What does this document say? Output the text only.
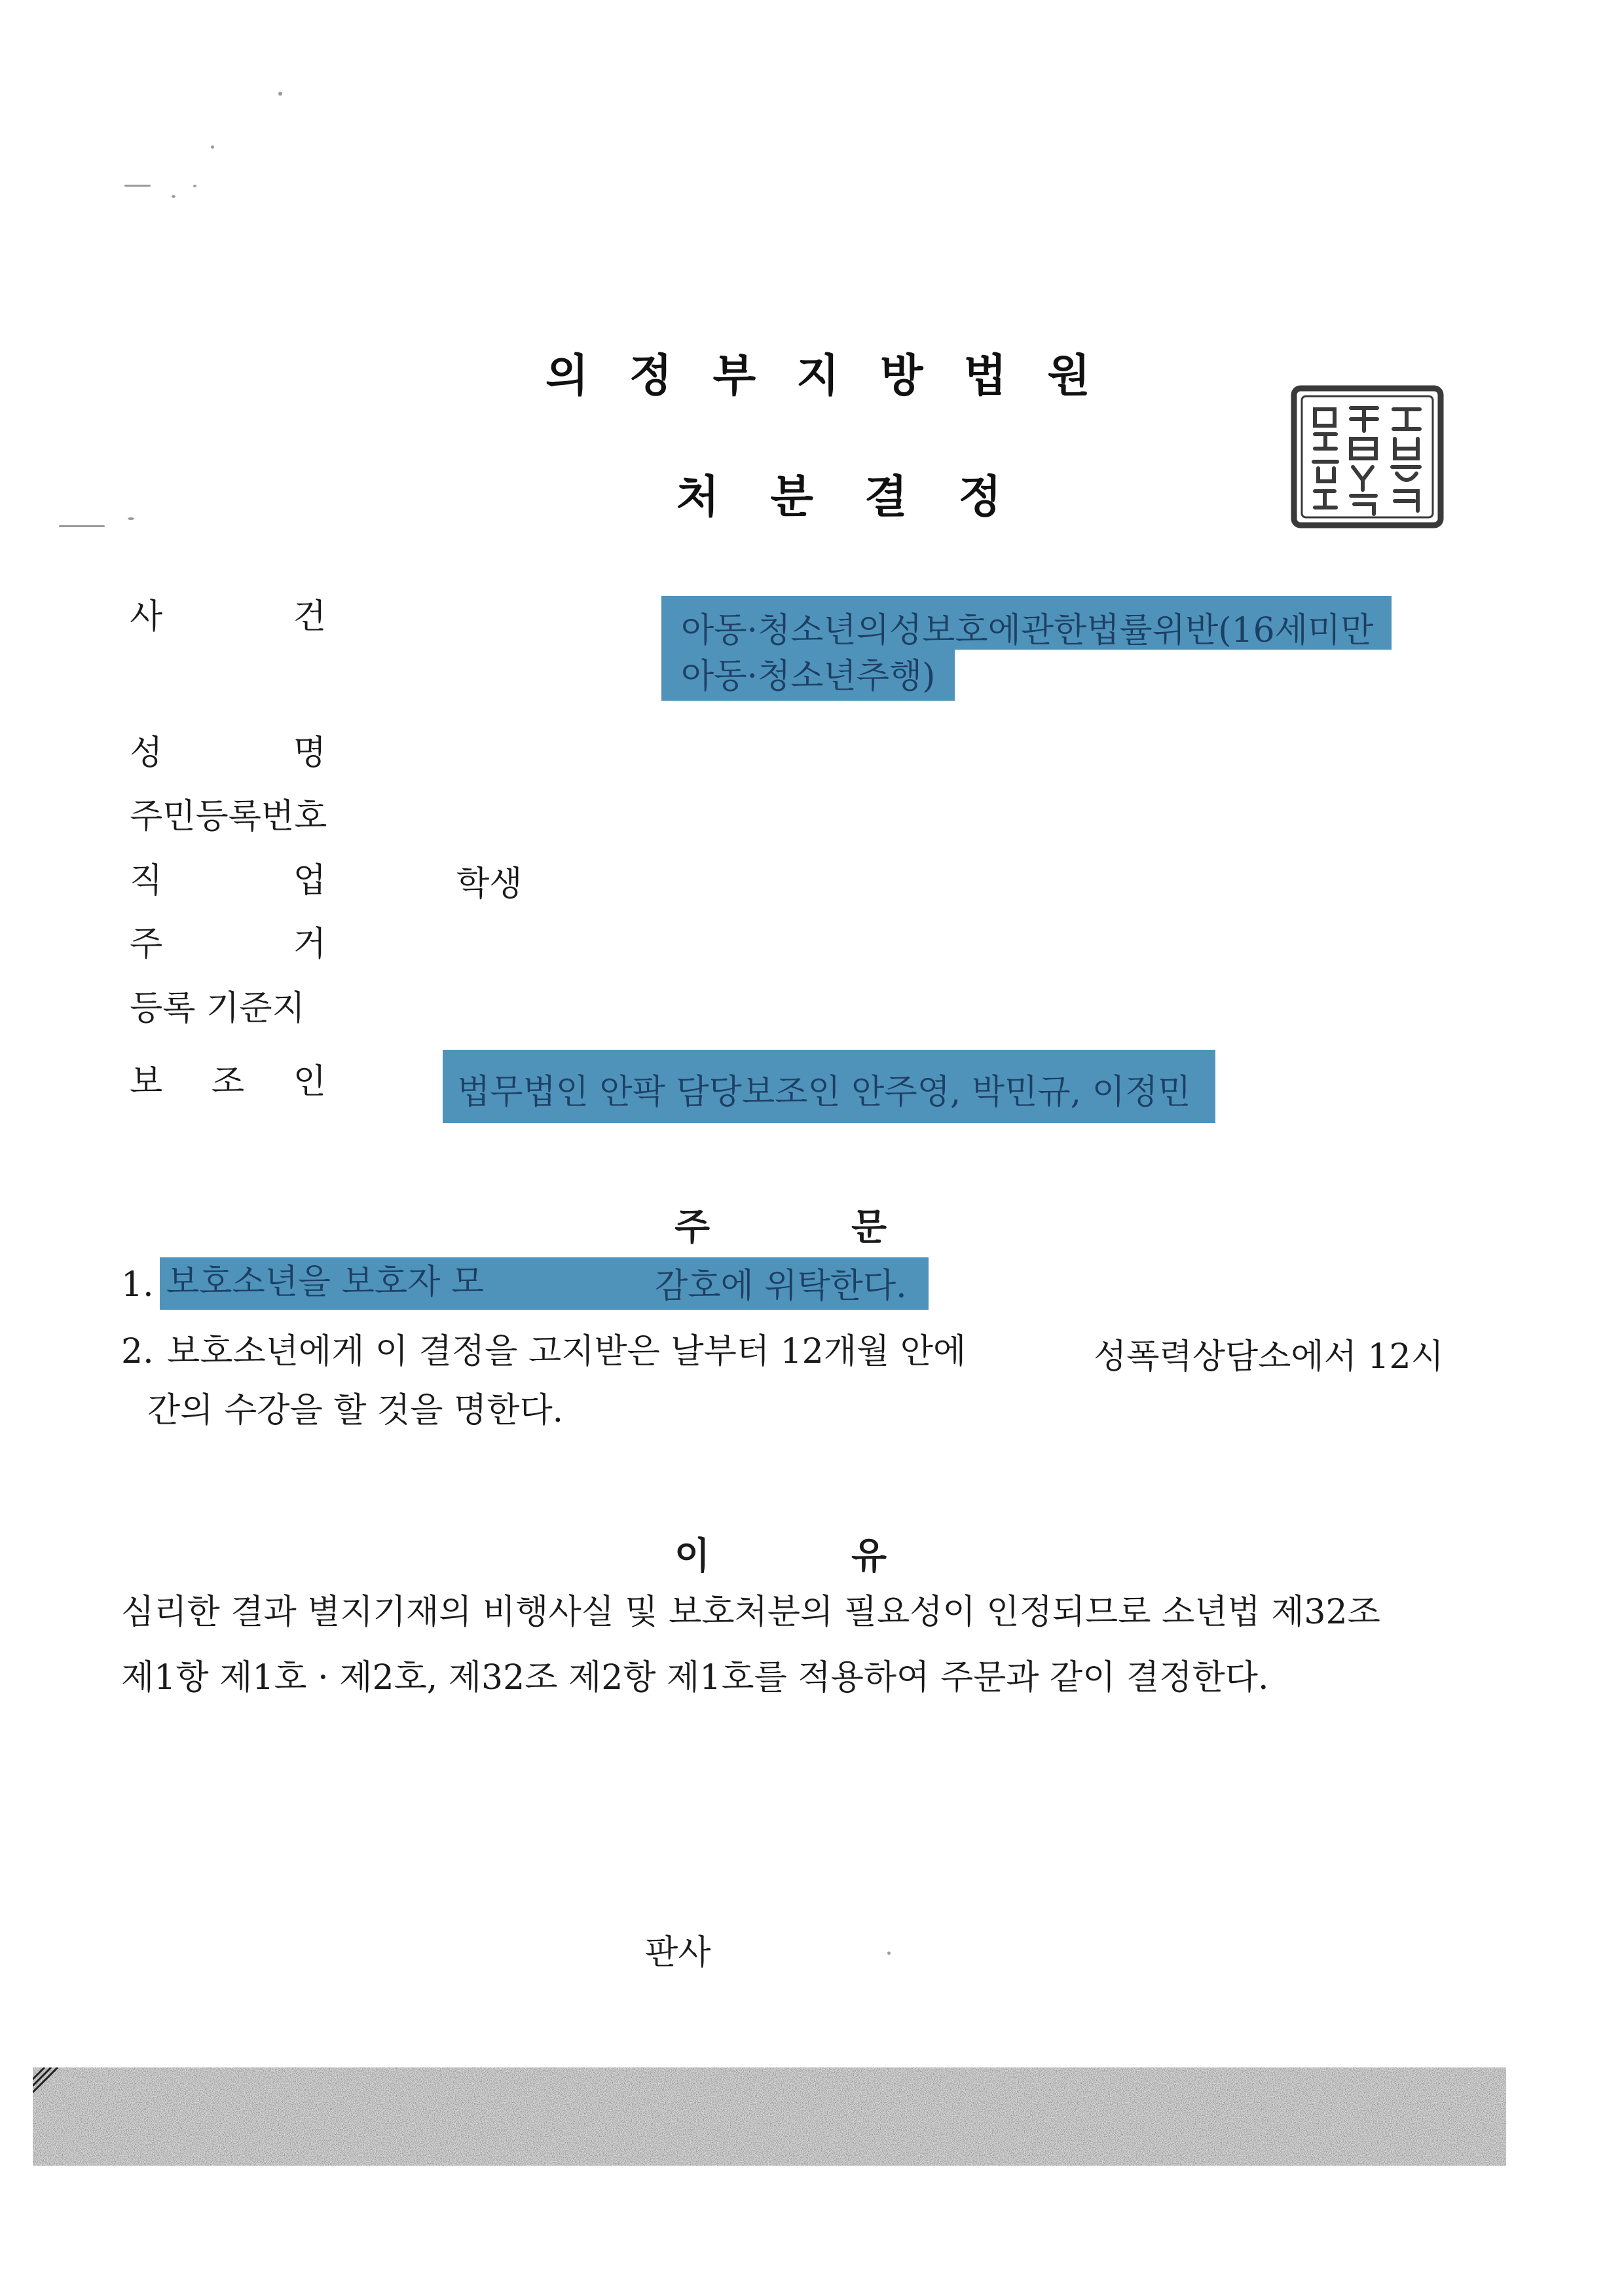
의정부지방법원
처분결정
사	건	아동·청소년의성보호에관한법률위반(16세미만
아동·청소년추행)
성	명
주민등록번호
직	업	학생
주	거
등록 기준지
보 조 인	법무법인 안팍 담당보조인 안주영, 박민규, 이정민
주	문
1. 보호소년을 보호자 모	감호에 위탁한다.
2. 보호소년에게 이 결정을 고지받은 날부터 12개월 안에	성폭력상담소에서 12시
간의 수강을 할 것을 명한다.
이	유
심리한 결과 별지기재의 비행사실 및 보호처분의 필요성이 인정되므로 소년법 제32조
제1항 제1호 · 제2호, 제32조 제2항 제1호를 적용하여 주문과 같이 결정한다.
판사
